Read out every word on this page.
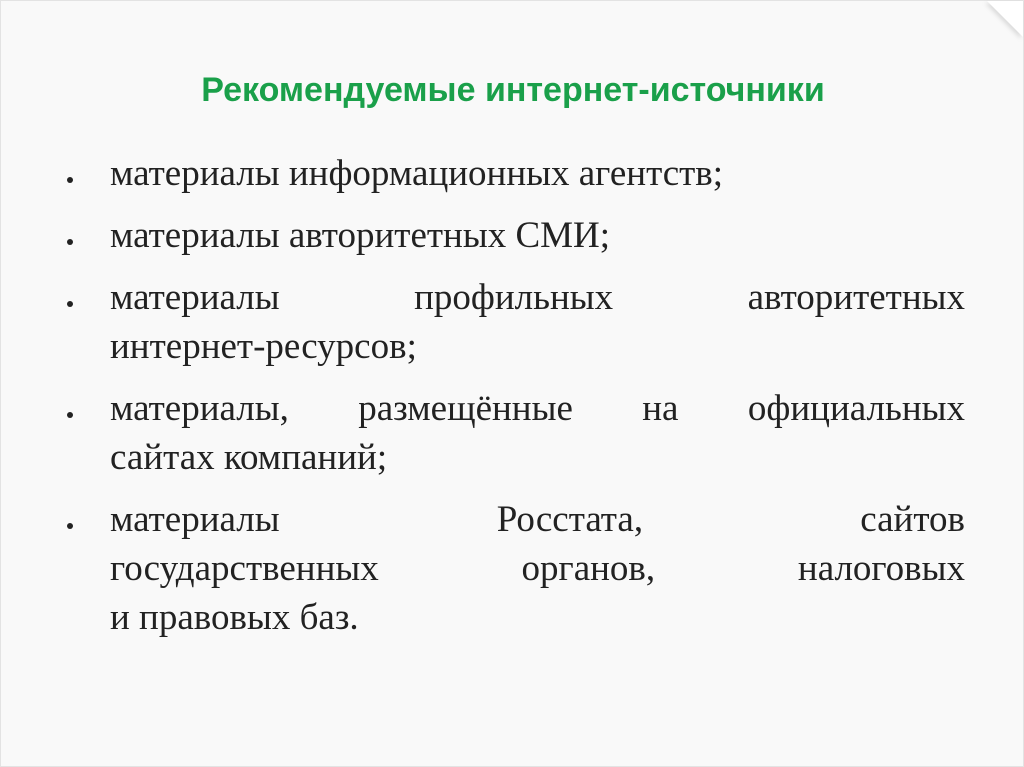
Рекомендуемые интернет-источники
материалы информационных агентств;
материалы авторитетных СМИ;
материалы профильных авторитетных
интернет-ресурсов;
материалы, размещённые на официальных
сайтах компаний;
материалы Росстата, сайтов
государственных органов, налоговых
и правовых баз.
